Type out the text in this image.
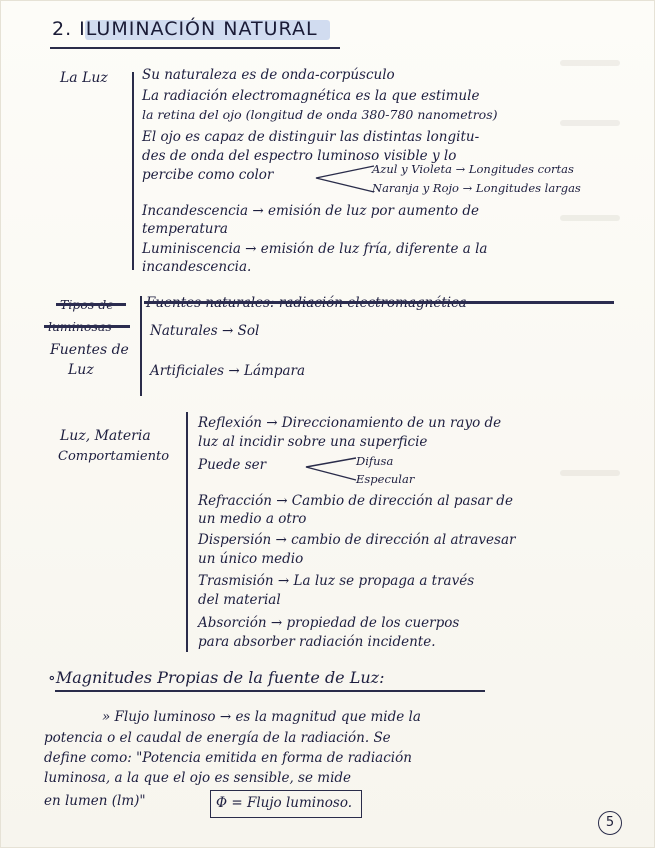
2. ILUMINACIÓN NATURAL
La Luz	Su naturaleza es de onda-corpúsculo
La radiación electromagnética es la que estimule
la retina del ojo (longitud de onda 380-780 nanometros)
El ojo es capaz de distinguir las distintas longitu-
des de onda del espectro luminoso visible y lo
percibe como color	Azul y Violeta → Longitudes cortas
Naranja y Rojo → Longitudes largas
Incandescencia → emisión de luz por aumento de
temperatura
Luminiscencia → emisión de luz fría, diferente a la
incandescencia.
Fuentes de
Luz
Naturales → Sol
Artificiales → Lámpara
Luz, Materia
Comportamiento
Reflexión → Direccionamiento de un rayo de
luz al incidir sobre una superficie
Puede ser	Difusa
Especular
Refracción → Cambio de dirección al pasar de
un medio a otro
Dispersión → cambio de dirección al atravesar
un único medio
Trasmisión → La luz se propaga a través
del material
Absorción → propiedad de los cuerpos
para absorber radiación incidente.
∘Magnitudes Propias de la fuente de Luz:
» Flujo luminoso → es la magnitud que mide la
potencia o el caudal de energía de la radiación. Se
define como: "Potencia emitida en forma de radiación
luminosa, a la que el ojo es sensible, se mide
en lumen (lm)"	Φ = Flujo luminoso.
5
